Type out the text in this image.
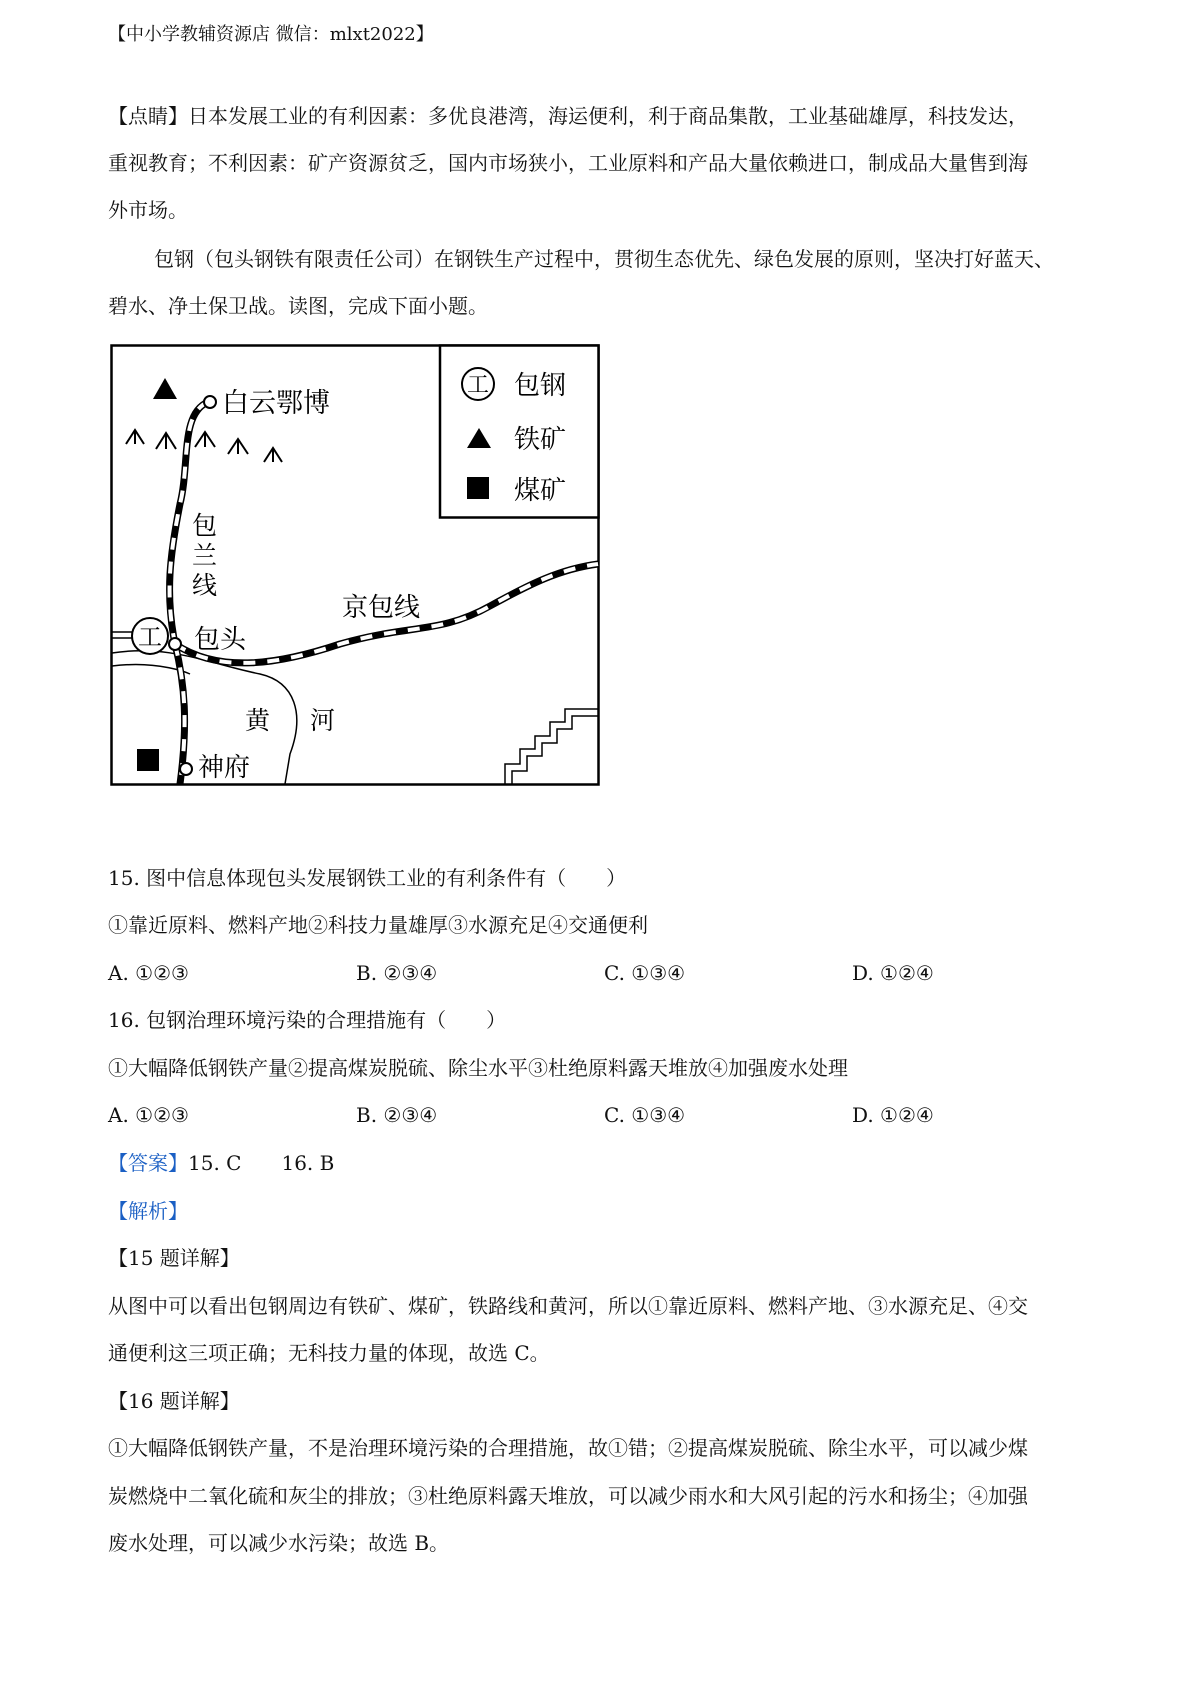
【中小学教辅资源店 微信：mlxt2022】
【点睛】日本发展工业的有利因素：多优良港湾，海运便利，利于商品集散，工业基础雄厚，科技发达，
重视教育；不利因素：矿产资源贫乏，国内市场狭小，工业原料和产品大量依赖进口，制成品大量售到海
外市场。
包钢（包头钢铁有限责任公司）在钢铁生产过程中，贯彻生态优先、绿色发展的原则，坚决打好蓝天、
碧水、净土保卫战。读图，完成下面小题。
工 包钢
铁矿
煤矿
工
白云鄂博
包
兰
线
京包线
包头
黄 河
神府
15. 图中信息体现包头发展钢铁工业的有利条件有（　　）
①靠近原料、燃料产地②科技力量雄厚③水源充足④交通便利
A. ①②③	B. ②③④	C. ①③④	D. ①②④
16. 包钢治理环境污染的合理措施有（　　）
①大幅降低钢铁产量②提高煤炭脱硫、除尘水平③杜绝原料露天堆放④加强废水处理
A. ①②③	B. ②③④	C. ①③④	D. ①②④
【答案】15. C　　16. B
【解析】
【15 题详解】
从图中可以看出包钢周边有铁矿、煤矿，铁路线和黄河，所以①靠近原料、燃料产地、③水源充足、④交
通便利这三项正确；无科技力量的体现，故选 C。
【16 题详解】
①大幅降低钢铁产量，不是治理环境污染的合理措施，故①错；②提高煤炭脱硫、除尘水平，可以减少煤
炭燃烧中二氧化硫和灰尘的排放；③杜绝原料露天堆放，可以减少雨水和大风引起的污水和扬尘；④加强
废水处理，可以减少水污染；故选 B。
